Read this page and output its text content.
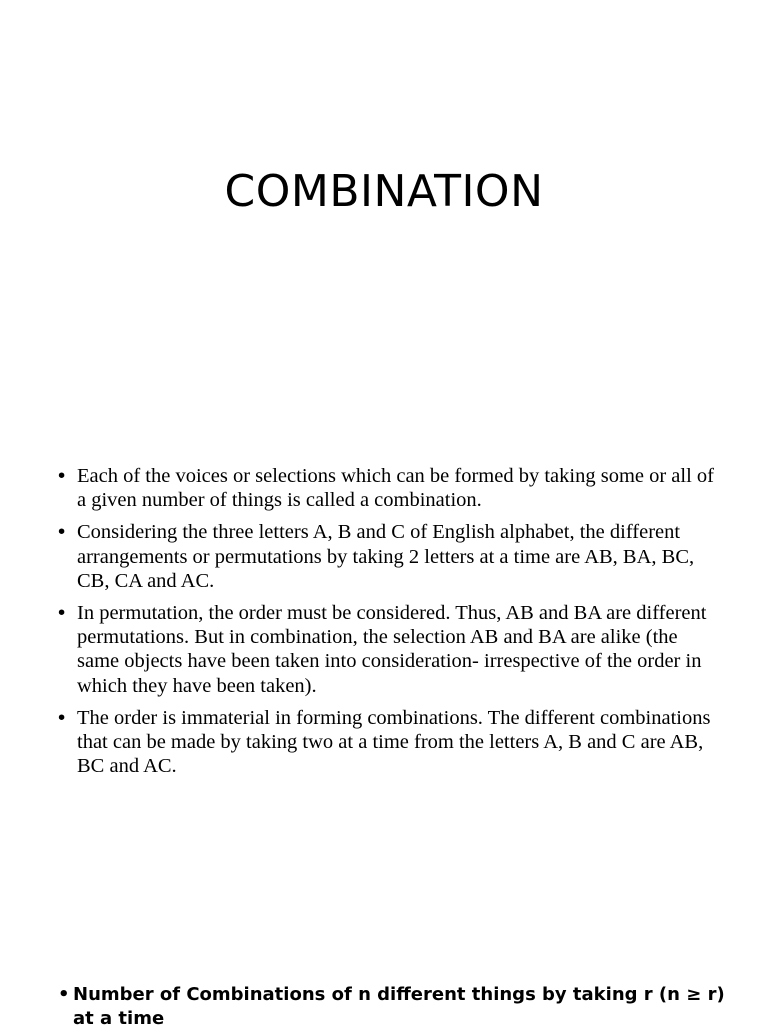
COMBINATION
• Each of the voices or selections which can be formed by taking some or all of a given number of things is called a combination.
• Considering the three letters A, B and C of English alphabet, the different arrangements or permutations by taking 2 letters at a time are AB, BA, BC, CB, CA and AC.
• In permutation, the order must be considered. Thus, AB and BA are different permutations. But in combination, the selection AB and BA are alike (the same objects have been taken into consideration- irrespective of the order in which they have been taken).
• The order is immaterial in forming combinations. The different combinations that can be made by taking two at a time from the letters A, B and C are AB, BC and AC.

• Number of Combinations of n different things by taking r (n ≥ r) at a time
